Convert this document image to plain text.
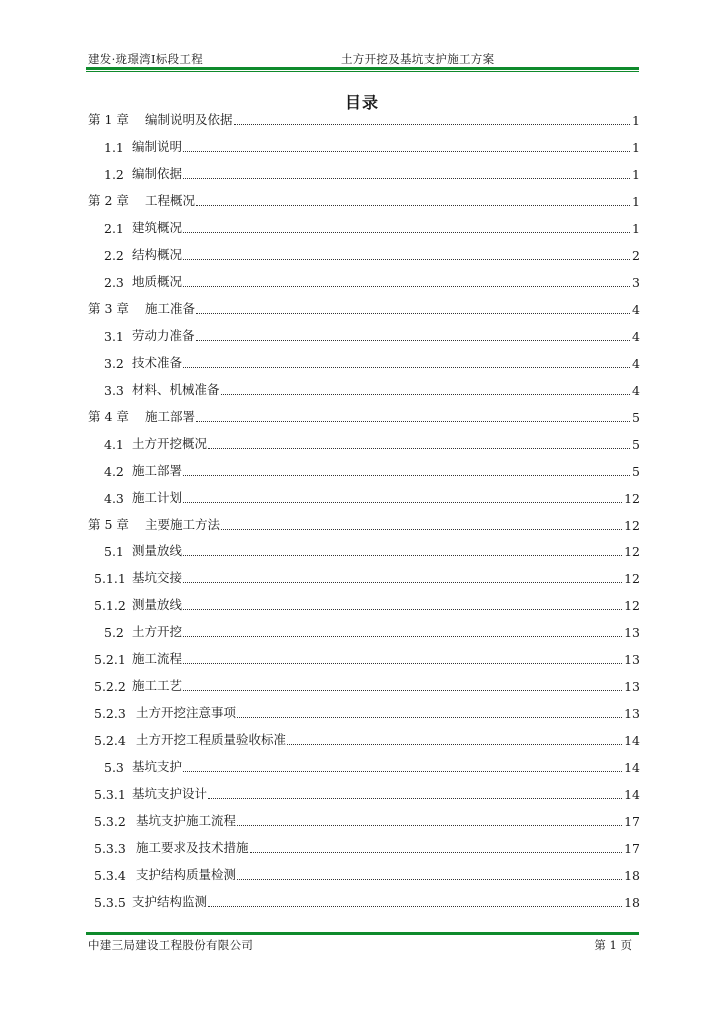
建发·珑璟湾Ⅰ标段工程	土方开挖及基坑支护施工方案
目录
第 1 章	编制说明及依据	1
1.1 编制说明	1
1.2 编制依据	1
第 2 章	工程概况	1
2.1 建筑概况	1
2.2 结构概况	2
2.3 地质概况	3
第 3 章	施工准备	4
3.1 劳动力准备	4
3.2 技术准备	4
3.3 材料、机械准备	4
第 4 章	施工部署	5
4.1 土方开挖概况	5
4.2 施工部署	5
4.3 施工计划	12
第 5 章	主要施工方法	12
5.1 测量放线	12
5.1.1 基坑交接	12
5.1.2 测量放线	12
5.2 土方开挖	13
5.2.1 施工流程	13
5.2.2 施工工艺	13
5.2.3 土方开挖注意事项	13
5.2.4 土方开挖工程质量验收标准	14
5.3 基坑支护	14
5.3.1 基坑支护设计	14
5.3.2 基坑支护施工流程	17
5.3.3 施工要求及技术措施	17
5.3.4 支护结构质量检测	18
5.3.5 支护结构监测	18
中建三局建设工程股份有限公司	第 1 页
